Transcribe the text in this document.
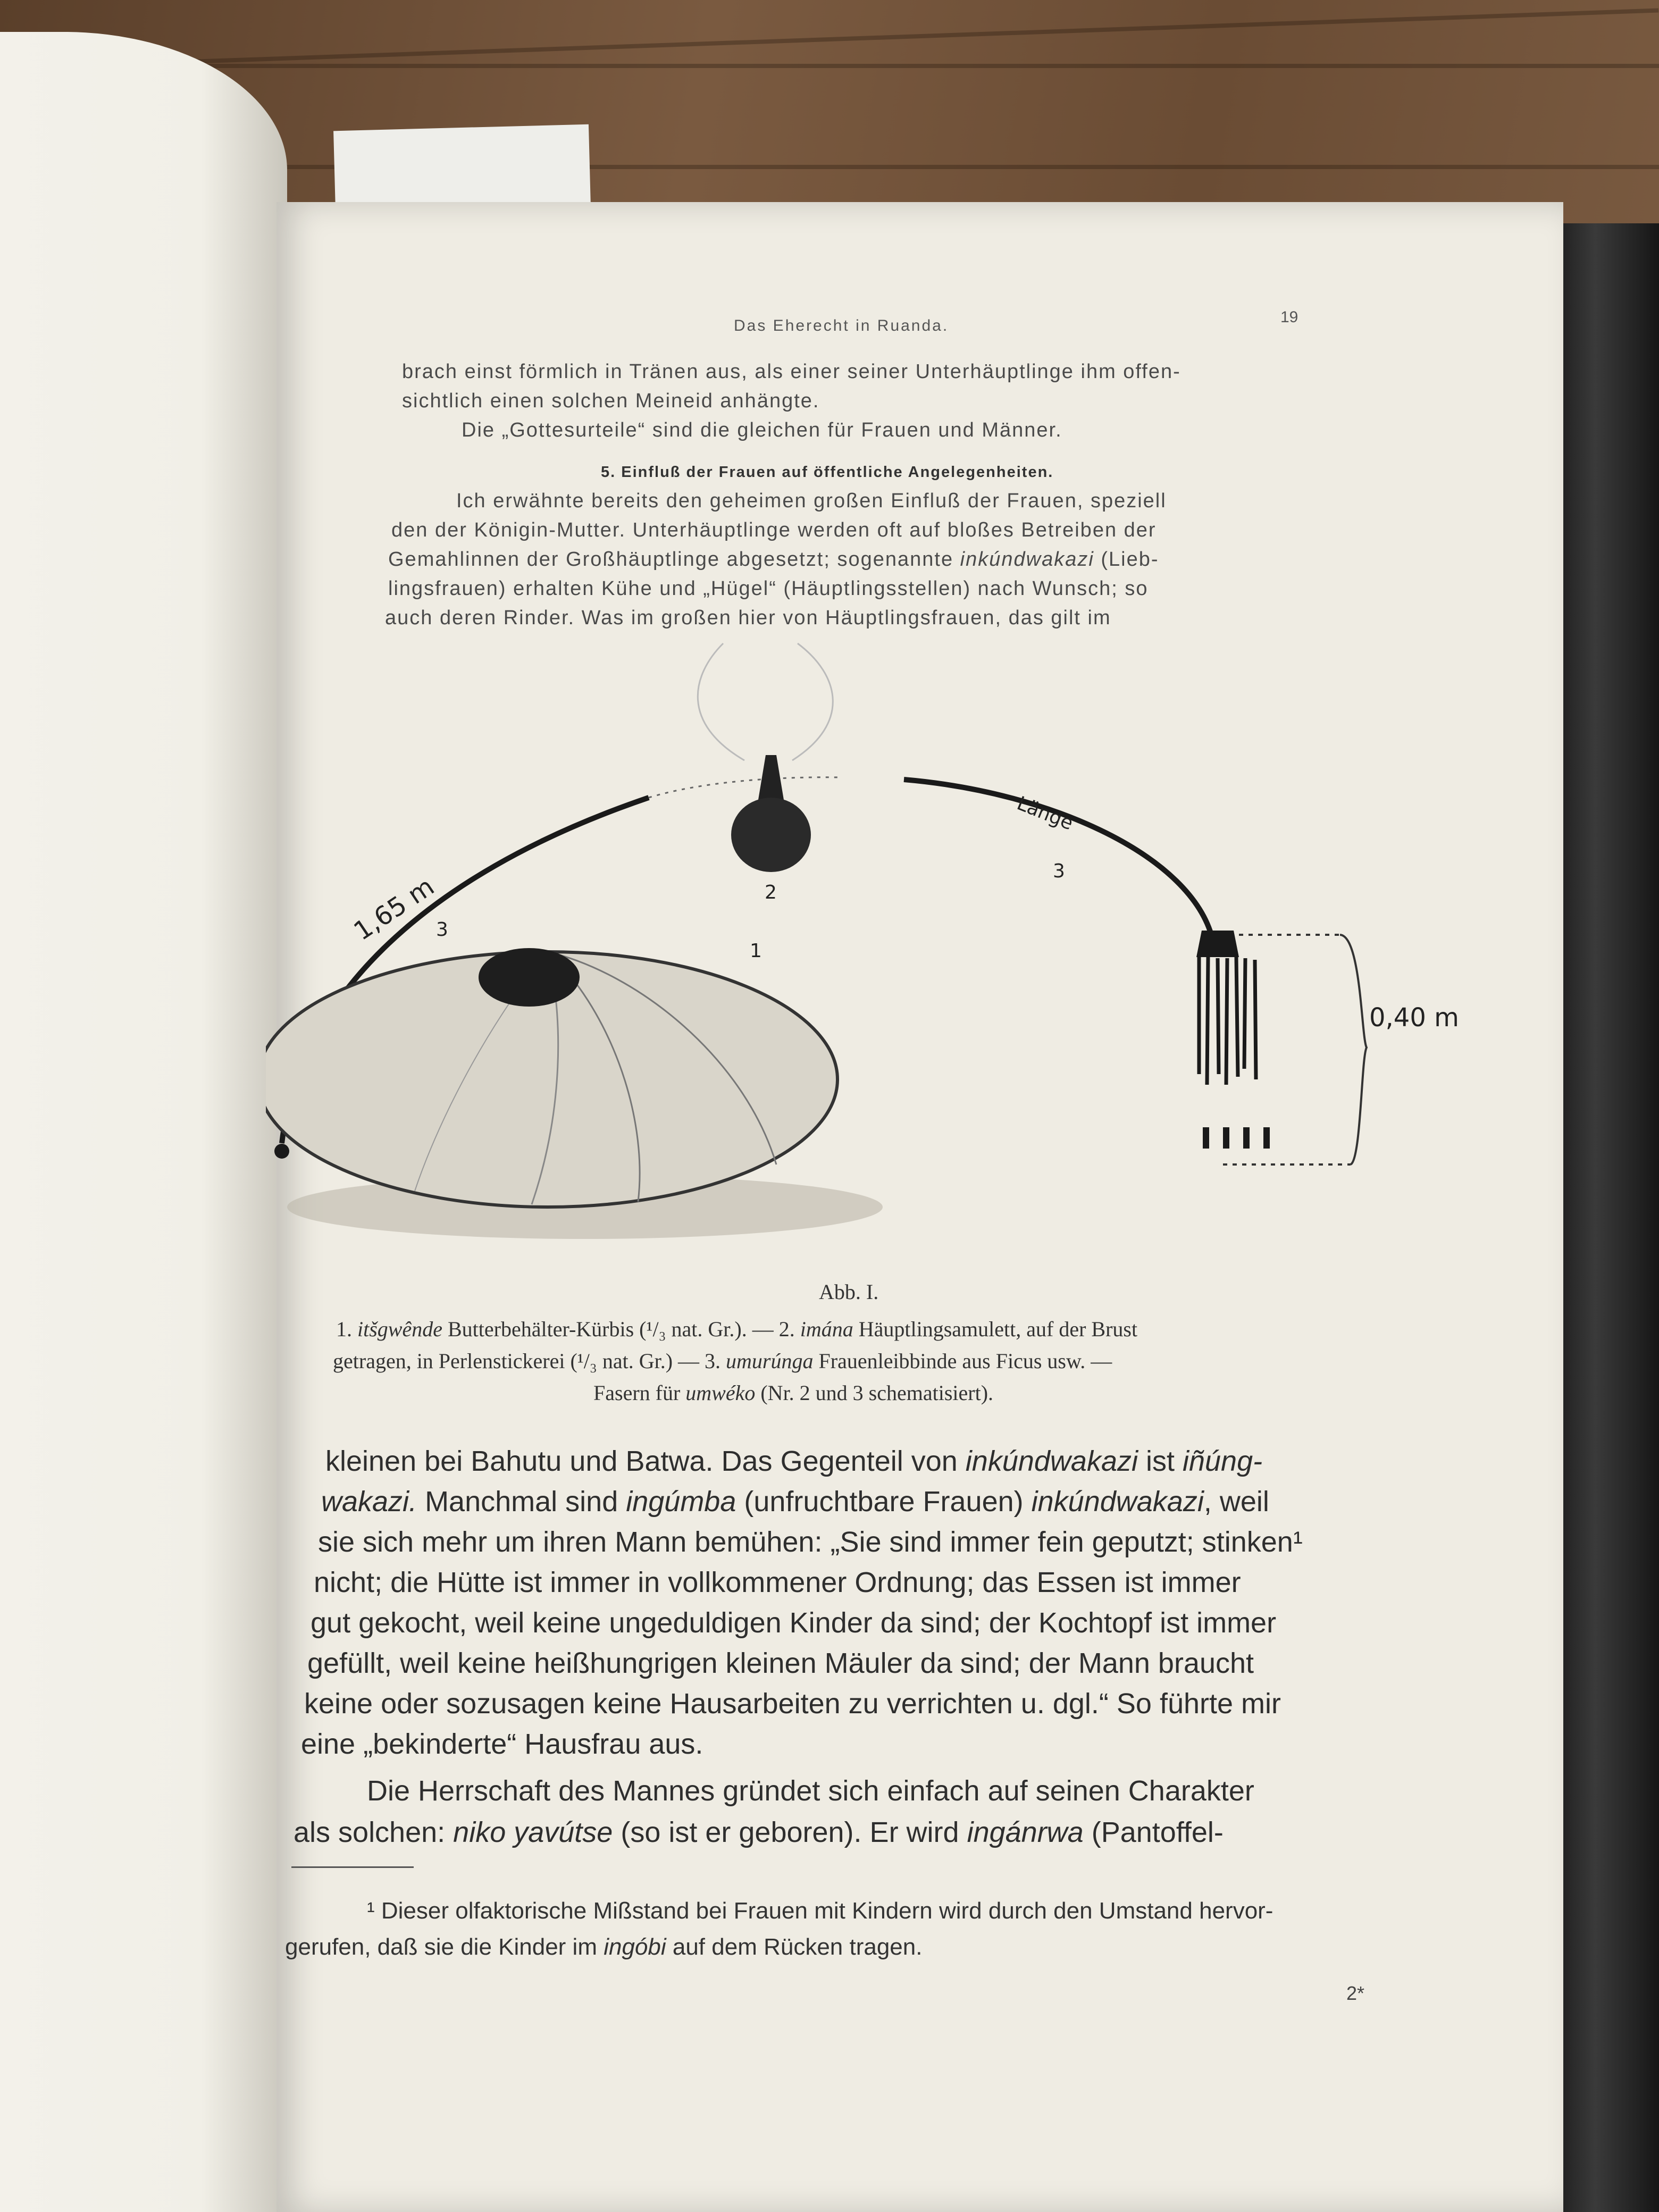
Das Eherecht in Ruanda.	19
brach einst förmlich in Tränen aus, als einer seiner Unterhäuptlinge ihm offen-
sichtlich einen solchen Meineid anhängte.
Die „Gottesurteile“ sind die gleichen für Frauen und Männer.
5. Einfluß der Frauen auf öffentliche Angelegenheiten.
Ich erwähnte bereits den geheimen großen Einfluß der Frauen, speziell
den der Königin-Mutter. Unterhäuptlinge werden oft auf bloßes Betreiben der
Gemahlinnen der Großhäuptlinge abgesetzt; sogenannte inkúndwakazi (Lieb-
lingsfrauen) erhalten Kühe und „Hügel“ (Häuptlingsstellen) nach Wunsch; so
auch deren Rinder. Was im großen hier von Häuptlingsfrauen, das gilt im
1,65 m
Länge
0,40 m
1
2
3
3
Abb. I.
1. itšgwênde Butterbehälter-Kürbis (¹/₃ nat. Gr.). — 2. imána Häuptlingsamulett, auf der Brust
getragen, in Perlenstickerei (¹/₃ nat. Gr.) — 3. umurúnga Frauenleibbinde aus Ficus usw. —
Fasern für umwéko (Nr. 2 und 3 schematisiert).
kleinen bei Bahutu und Batwa. Das Gegenteil von inkúndwakazi ist iñúng-
wakazi. Manchmal sind ingúmba (unfruchtbare Frauen) inkúndwakazi, weil
sie sich mehr um ihren Mann bemühen: „Sie sind immer fein geputzt; stinken¹
nicht; die Hütte ist immer in vollkommener Ordnung; das Essen ist immer
gut gekocht, weil keine ungeduldigen Kinder da sind; der Kochtopf ist immer
gefüllt, weil keine heißhungrigen kleinen Mäuler da sind; der Mann braucht
keine oder sozusagen keine Hausarbeiten zu verrichten u. dgl.“ So führte mir
eine „bekinderte“ Hausfrau aus.
Die Herrschaft des Mannes gründet sich einfach auf seinen Charakter
als solchen: niko yavútse (so ist er geboren). Er wird ingánrwa (Pantoffel-
¹ Dieser olfaktorische Mißstand bei Frauen mit Kindern wird durch den Umstand hervor-
gerufen, daß sie die Kinder im ingóbi auf dem Rücken tragen.
2*
